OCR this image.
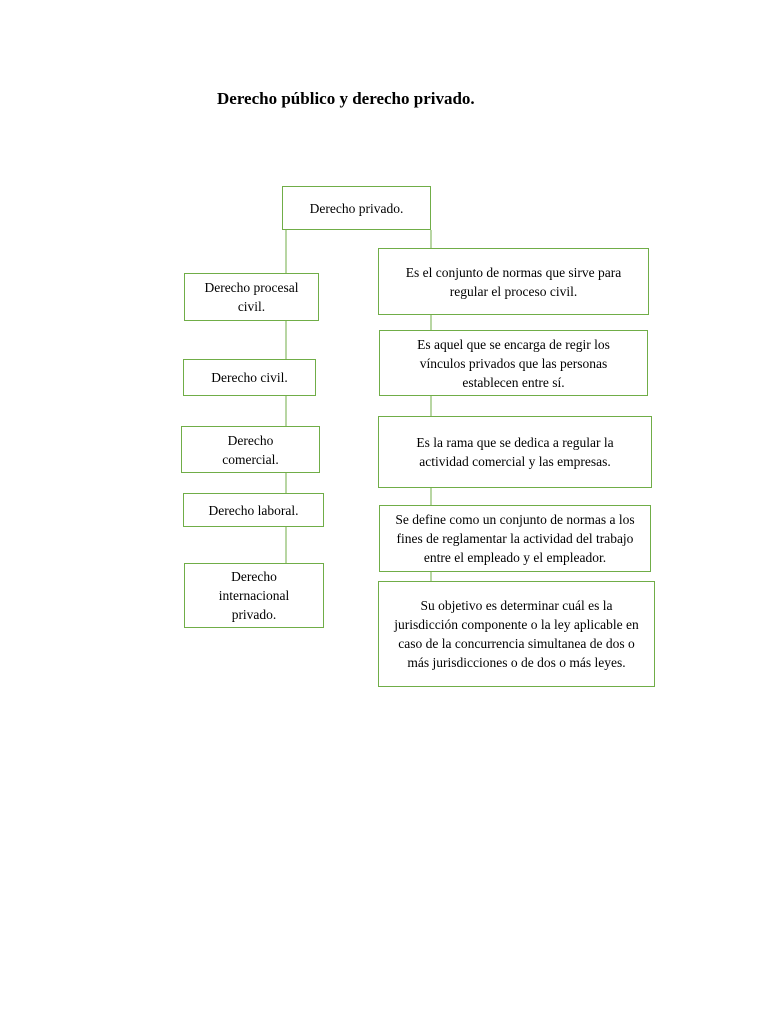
Derecho público y derecho privado.
Derecho privado.
Derecho procesal civil.
Derecho civil.
Derecho comercial.
Derecho laboral.
Derecho internacional privado.
Es el conjunto de normas que sirve para regular el proceso civil.
Es aquel que se encarga de regir los vínculos privados que las personas establecen entre sí.
Es la rama que se dedica a regular la actividad comercial y las empresas.
Se define como un conjunto de normas a los fines de reglamentar la actividad del trabajo entre el empleado y el empleador.
Su objetivo es determinar cuál es la jurisdicción componente o la ley aplicable en caso de la concurrencia simultanea de dos o más jurisdicciones o de dos o más leyes.
